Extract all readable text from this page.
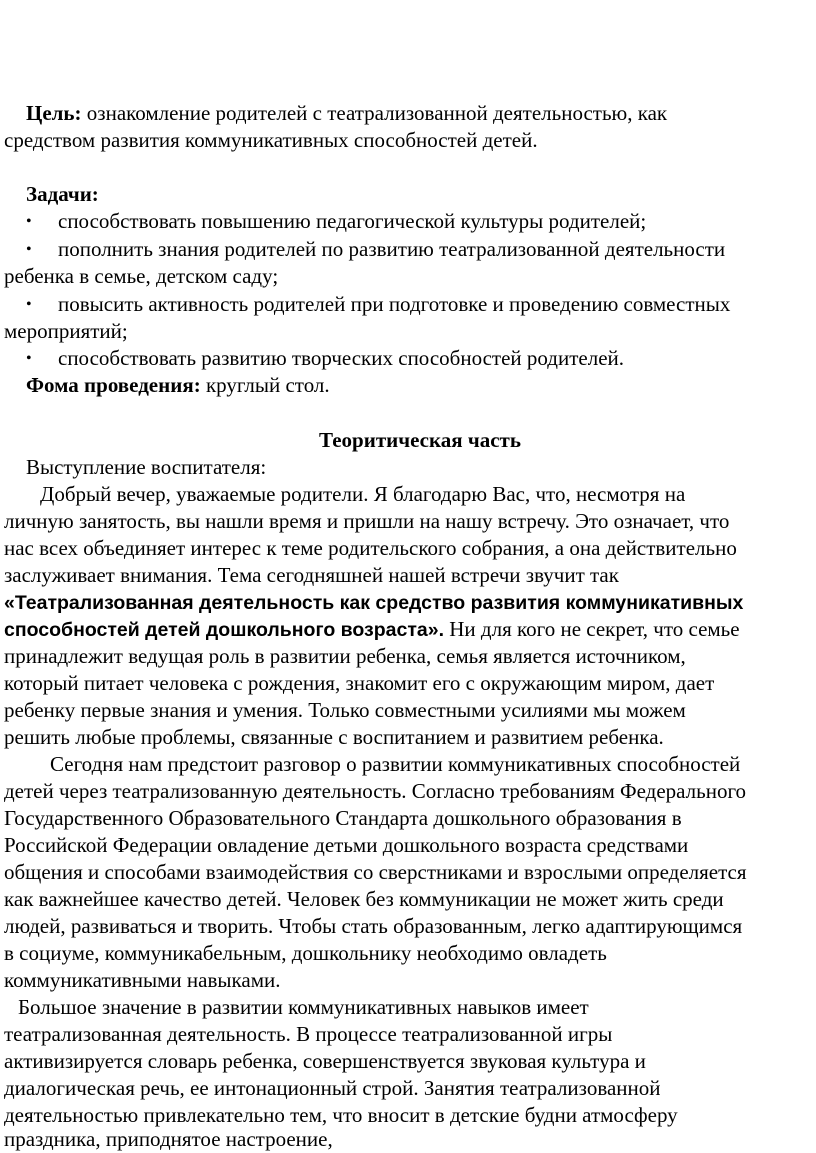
Цель: ознакомление родителей с театрализованной деятельностью, как
средством развития коммуникативных способностей детей.
Задачи:
• способствовать повышению педагогической культуры родителей;
• пополнить знания родителей по развитию театрализованной деятельности
ребенка в семье, детском саду;
• повысить активность родителей при подготовке и проведению совместных
мероприятий;
• способствовать развитию творческих способностей родителей.
Фома проведения: круглый стол.
Теоритическая часть
Выступление воспитателя:
Добрый вечер, уважаемые родители. Я благодарю Вас, что, несмотря на
личную занятость, вы нашли время и пришли на нашу встречу. Это означает, что
нас всех объединяет интерес к теме родительского собрания, а она действительно
заслуживает внимания. Тема сегодняшней нашей встречи звучит так
«Театрализованная деятельность как средство развития коммуникативных
способностей детей дошкольного возраста». Ни для кого не секрет, что семье
принадлежит ведущая роль в развитии ребенка, семья является источником,
который питает человека с рождения, знакомит его с окружающим миром, дает
ребенку первые знания и умения. Только совместными усилиями мы можем
решить любые проблемы, связанные с воспитанием и развитием ребенка.
Сегодня нам предстоит разговор о развитии коммуникативных способностей
детей через театрализованную деятельность. Согласно требованиям Федерального
Государственного Образовательного Стандарта дошкольного образования в
Российской Федерации овладение детьми дошкольного возраста средствами
общения и способами взаимодействия со сверстниками и взрослыми определяется
как важнейшее качество детей. Человек без коммуникации не может жить среди
людей, развиваться и творить. Чтобы стать образованным, легко адаптирующимся
в социуме, коммуникабельным, дошкольнику необходимо овладеть
коммуникативными навыками.
Большое значение в развитии коммуникативных навыков имеет
театрализованная деятельность. В процессе театрализованной игры
активизируется словарь ребенка, совершенствуется звуковая культура и
диалогическая речь, ее интонационный строй. Занятия театрализованной
деятельностью привлекательно тем, что вносит в детские будни атмосферу
праздника, приподнятое настроение,
